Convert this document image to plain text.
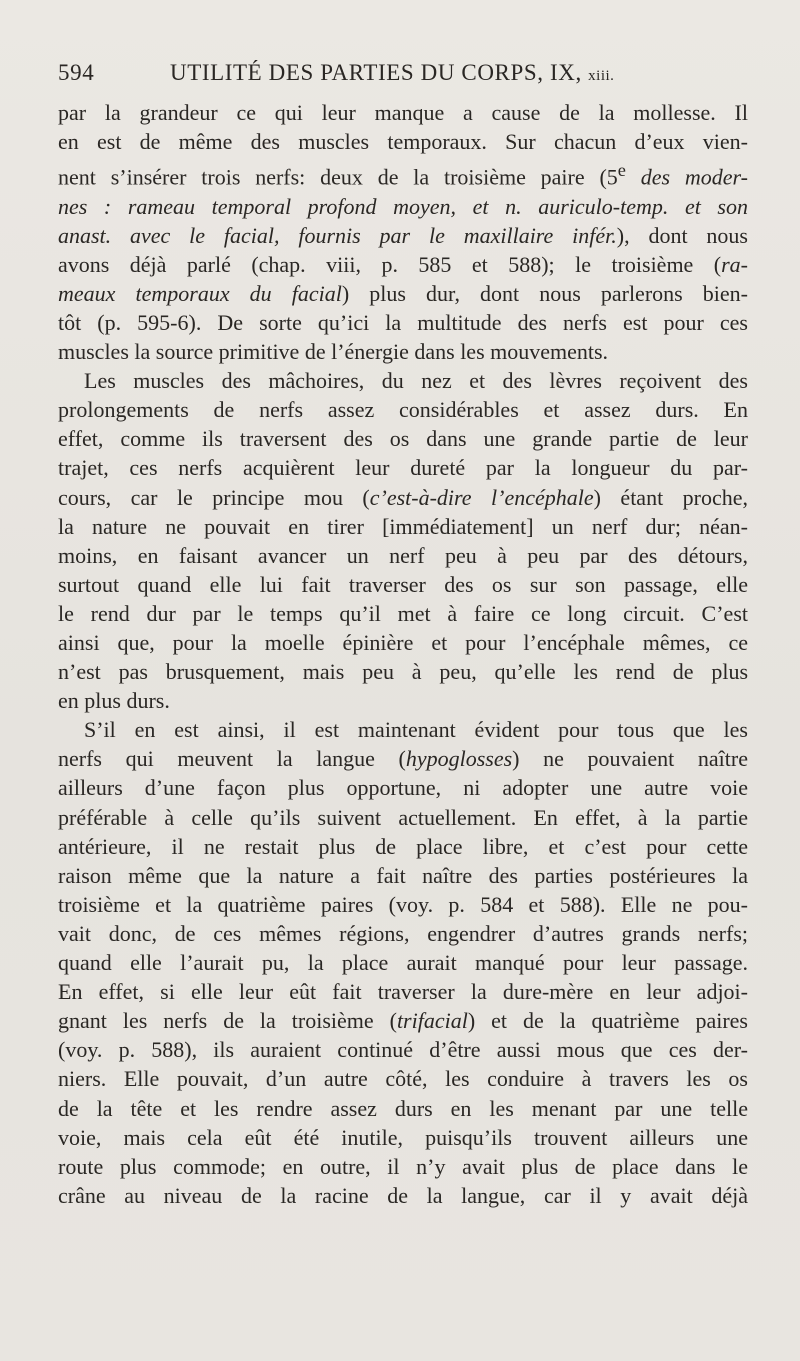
594	UTILITÉ DES PARTIES DU CORPS, IX, xiii.
par la grandeur ce qui leur manque a cause de la mollesse. Il
en est de même des muscles temporaux. Sur chacun d’eux vien-
nent s’insérer trois nerfs: deux de la troisième paire (5e des moder-
nes : rameau temporal profond moyen, et n. auriculo-temp. et son
anast. avec le facial, fournis par le maxillaire infér.), dont nous
avons déjà parlé (chap. viii, p. 585 et 588); le troisième (ra-
meaux temporaux du facial) plus dur, dont nous parlerons bien-
tôt (p. 595-6). De sorte qu’ici la multitude des nerfs est pour ces
muscles la source primitive de l’énergie dans les mouvements.
Les muscles des mâchoires, du nez et des lèvres reçoivent des
prolongements de nerfs assez considérables et assez durs. En
effet, comme ils traversent des os dans une grande partie de leur
trajet, ces nerfs acquièrent leur dureté par la longueur du par-
cours, car le principe mou (c’est-à-dire l’encéphale) étant proche,
la nature ne pouvait en tirer [immédiatement] un nerf dur; néan-
moins, en faisant avancer un nerf peu à peu par des détours,
surtout quand elle lui fait traverser des os sur son passage, elle
le rend dur par le temps qu’il met à faire ce long circuit. C’est
ainsi que, pour la moelle épinière et pour l’encéphale mêmes, ce
n’est pas brusquement, mais peu à peu, qu’elle les rend de plus
en plus durs.
S’il en est ainsi, il est maintenant évident pour tous que les
nerfs qui meuvent la langue (hypoglosses) ne pouvaient naître
ailleurs d’une façon plus opportune, ni adopter une autre voie
préférable à celle qu’ils suivent actuellement. En effet, à la partie
antérieure, il ne restait plus de place libre, et c’est pour cette
raison même que la nature a fait naître des parties postérieures la
troisième et la quatrième paires (voy. p. 584 et 588). Elle ne pou-
vait donc, de ces mêmes régions, engendrer d’autres grands nerfs;
quand elle l’aurait pu, la place aurait manqué pour leur passage.
En effet, si elle leur eût fait traverser la dure-mère en leur adjoi-
gnant les nerfs de la troisième (trifacial) et de la quatrième paires
(voy. p. 588), ils auraient continué d’être aussi mous que ces der-
niers. Elle pouvait, d’un autre côté, les conduire à travers les os
de la tête et les rendre assez durs en les menant par une telle
voie, mais cela eût été inutile, puisqu’ils trouvent ailleurs une
route plus commode; en outre, il n’y avait plus de place dans le
crâne au niveau de la racine de la langue, car il y avait déjà
